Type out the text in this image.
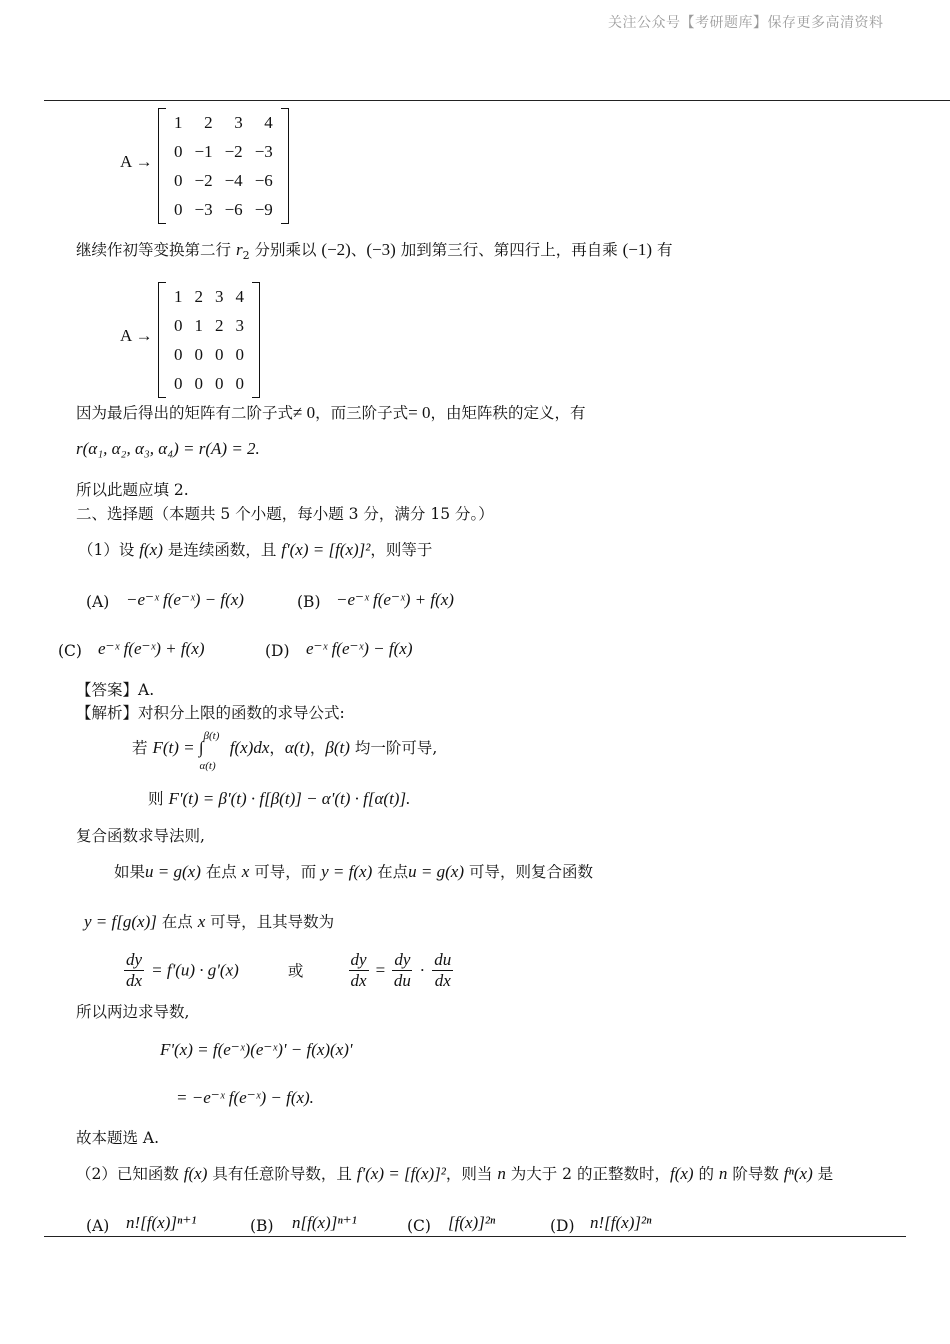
关注公众号【考研题库】保存更多高清资料
A →
1	2	3	4
0	−1	−2	−3
0	−2	−4	−6
0	−3	−6	−9
继续作初等变换第二行 $r_2$ 分别乘以 (−2)、(−3) 加到第三行、第四行上，再自乘 (−1) 有
A →
1	2	3	4
0	1	2	3
0	0	0	0
0	0	0	0
因为最后得出的矩阵有二阶子式≠ 0，而三阶子式= 0，由矩阵秩的定义，有
r(α₁, α₂, α₃, α₄) = r(A) = 2.
所以此题应填 2.
二、选择题（本题共 5 个小题，每小题 3 分，满分 15 分。）
（1）设 f(x) 是连续函数，且 f'(x) = [f(x)]²，则等于
(A) −e⁻ˣ f(e⁻ˣ) − f(x)	(B) −e⁻ˣ f(e⁻ˣ) + f(x)
(C) e⁻ˣ f(e⁻ˣ) + f(x)	(D) e⁻ˣ f(e⁻ˣ) − f(x)
【答案】A.
【解析】对积分上限的函数的求导公式:
若 F(t) = ∫
β(t)
α(t)
f(x)dx，α(t)，β(t) 均一阶可导,
则 F'(t) = β'(t) · f[β(t)] − α'(t) · f[α(t)].
复合函数求导法则,
如果u = g(x) 在点 x 可导，而 y = f(x) 在点u = g(x) 可导，则复合函数
y = f[g(x)] 在点 x 可导，且其导数为
$\frac{dy}{dx} = f'(u) \cdot g'(x)$	或	$\frac{dy}{dx} = \frac{dy}{du} \cdot \frac{du}{dx}$
所以两边求导数,
F'(x) = f(e⁻ˣ)(e⁻ˣ)' − f(x)(x)'
= −e⁻ˣ f(e⁻ˣ) − f(x).
故本题选 A.
（2）已知函数 f(x) 具有任意阶导数，且 f'(x) = [f(x)]²，则当 n 为大于 2 的正整数时，f(x) 的 n 阶导数 fⁿ(x) 是
(A) n![f(x)]ⁿ⁺¹	(B) n[f(x)]ⁿ⁺¹	(C) [f(x)]²ⁿ	(D) n![f(x)]²ⁿ
